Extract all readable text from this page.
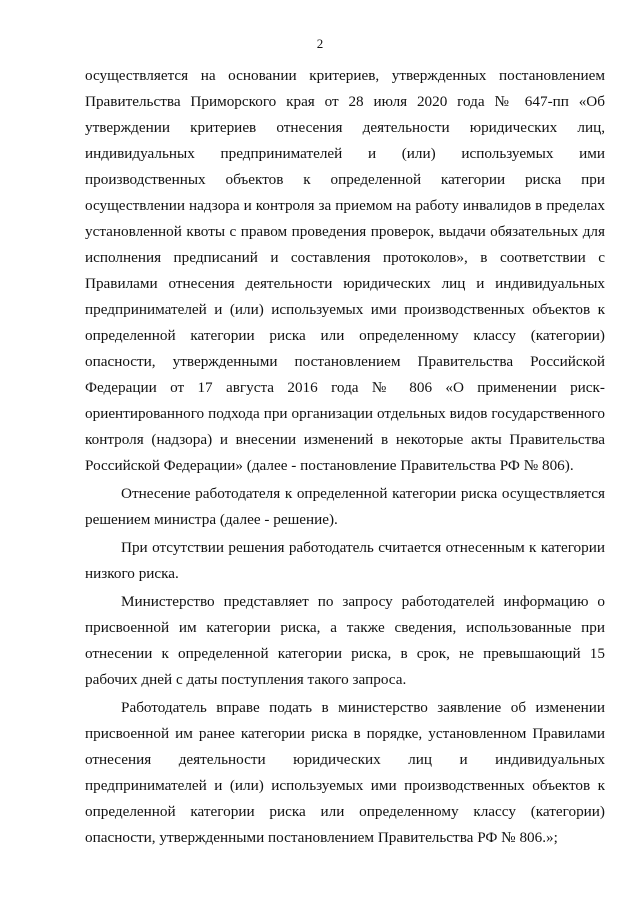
2

осуществляется на основании критериев, утвержденных постановлением Правительства Приморского края от 28 июля 2020 года № 647-пп «Об утверждении критериев отнесения деятельности юридических лиц, индивидуальных предпринимателей и (или) используемых ими производственных объектов к определенной категории риска при осуществлении надзора и контроля за приемом на работу инвалидов в пределах установленной квоты с правом проведения проверок, выдачи обязательных для исполнения предписаний и составления протоколов», в соответствии с Правилами отнесения деятельности юридических лиц и индивидуальных предпринимателей и (или) используемых ими производственных объектов к определенной категории риска или определенному классу (категории) опасности, утвержденными постановлением Правительства Российской Федерации от 17 августа 2016 года № 806 «О применении риск-ориентированного подхода при организации отдельных видов государственного контроля (надзора) и внесении изменений в некоторые акты Правительства Российской Федерации» (далее - постановление Правительства РФ № 806).

Отнесение работодателя к определенной категории риска осуществляется решением министра (далее - решение).

При отсутствии решения работодатель считается отнесенным к категории низкого риска.

Министерство представляет по запросу работодателей информацию о присвоенной им категории риска, а также сведения, использованные при отнесении к определенной категории риска, в срок, не превышающий 15 рабочих дней с даты поступления такого запроса.

Работодатель вправе подать в министерство заявление об изменении присвоенной им ранее категории риска в порядке, установленном Правилами отнесения деятельности юридических лиц и индивидуальных предпринимателей и (или) используемых ими производственных объектов к определенной категории риска или определенному классу (категории) опасности, утвержденными постановлением Правительства РФ № 806.»;
